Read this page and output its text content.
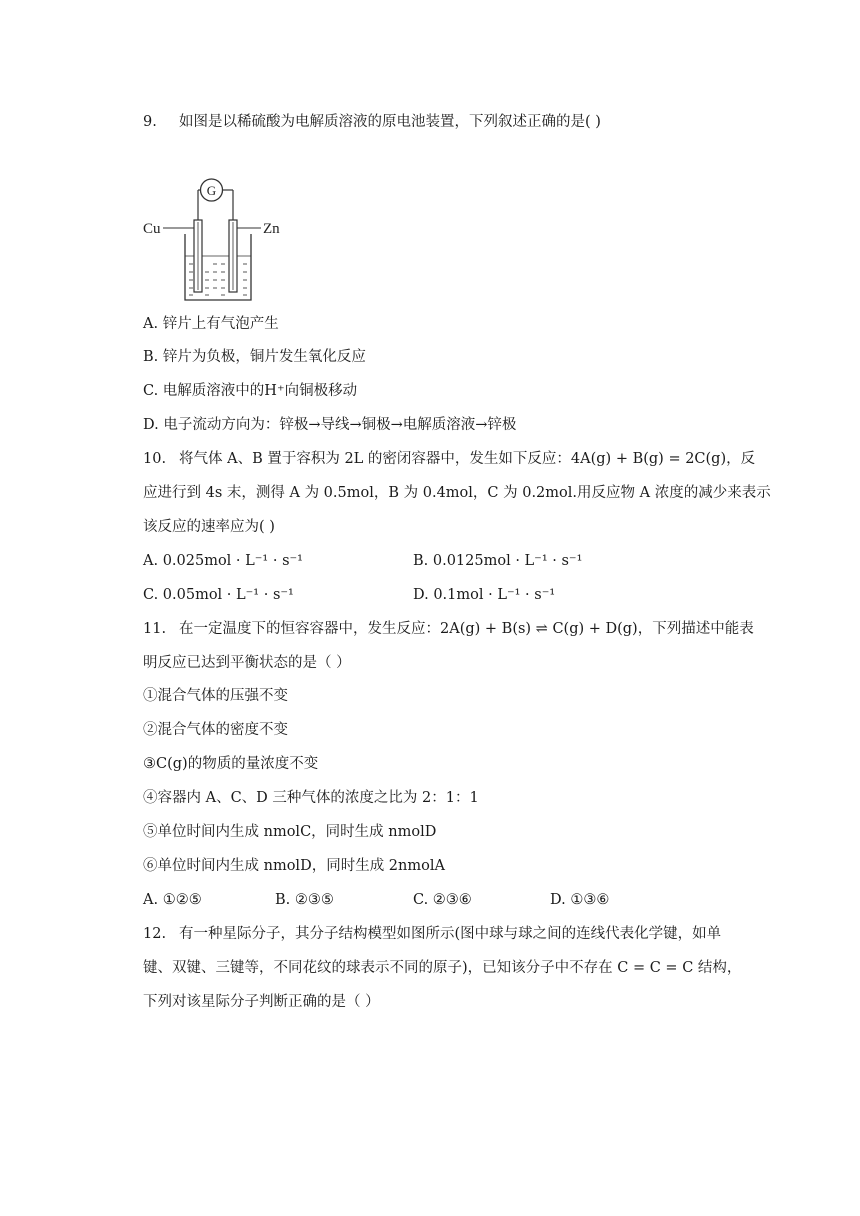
9. 如图是以稀硫酸为电解质溶液的原电池装置，下列叙述正确的是( )
G
Cu	Zn
A. 锌片上有气泡产生
B. 锌片为负极，铜片发生氧化反应
C. 电解质溶液中的H⁺向铜极移动
D. 电子流动方向为：锌极→导线→铜极→电解质溶液→锌极
10. 将气体 A、B 置于容积为 2L 的密闭容器中，发生如下反应：4A(g) + B(g) = 2C(g)，反
应进行到 4s 末，测得 A 为 0.5mol，B 为 0.4mol，C 为 0.2mol.用反应物 A 浓度的减少来表示
该反应的速率应为( )
A. 0.025mol · L⁻¹ · s⁻¹	B. 0.0125mol · L⁻¹ · s⁻¹
C. 0.05mol · L⁻¹ · s⁻¹	D. 0.1mol · L⁻¹ · s⁻¹
11. 在一定温度下的恒容容器中，发生反应：2A(g) + B(s) ⇌ C(g) + D(g)，下列描述中能表
明反应已达到平衡状态的是（ ）
①混合气体的压强不变
②混合气体的密度不变
③C(g)的物质的量浓度不变
④容器内 A、C、D 三种气体的浓度之比为 2：1：1
⑤单位时间内生成 nmolC，同时生成 nmolD
⑥单位时间内生成 nmolD，同时生成 2nmolA
A. ①②⑤	B. ②③⑤	C. ②③⑥	D. ①③⑥
12. 有一种星际分子，其分子结构模型如图所示(图中球与球之间的连线代表化学键，如单
键、双键、三键等，不同花纹的球表示不同的原子)，已知该分子中不存在 C = C = C 结构，
下列对该星际分子判断正确的是（ ）
